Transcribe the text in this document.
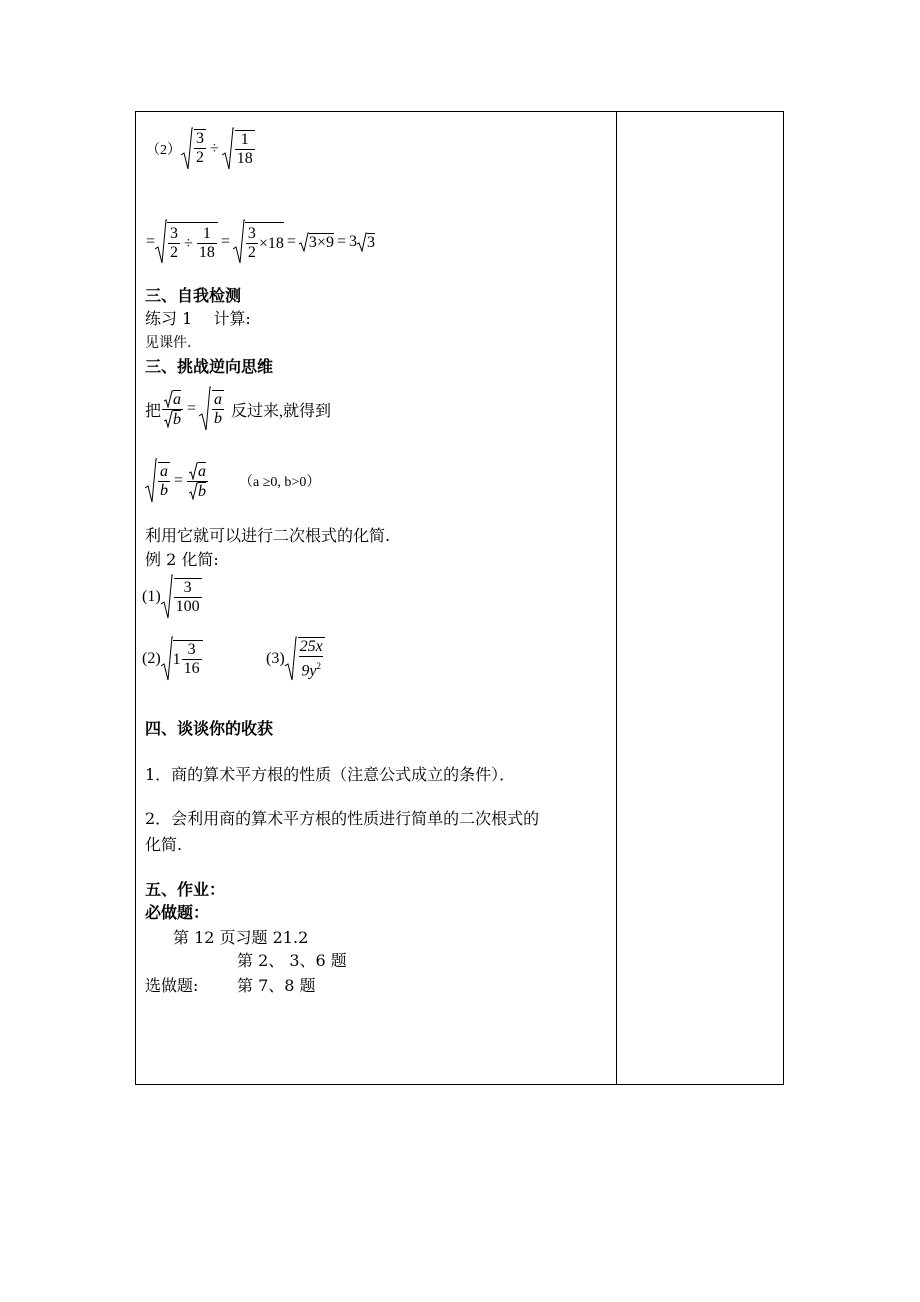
$(2) \frac{3}{2} \div \frac{1}{18}$
= $\frac{3}{2} \div \frac{1}{18} = \frac{3}{2} \times 18 = 3 \times 9 = 3$ 3
三、自我检测
练习 1　 计算:
见课件.
三、挑战逆向思维
把 $\frac{a}{b} = \frac{a}{b}$ 反过来,就得到
$\frac{a}{b} = \frac{a}{b} (a \ge 0$, b>0）
利用它就可以进行二次根式的化简.
例 2 化简:
$(1) \frac{3}{100}$
(2) $1 \frac{3}{16}$	$(3) \frac{25x}{9y^2}$
四、谈谈你的收获
1．商的算术平方根的性质（注意公式成立的条件）．
2．会利用商的算术平方根的性质进行简单的二次根式的
化简.
五、作业：
必做题：
第 12 页习题 21.2
第 2、 3、6 题
选做题: 第 7、8 题
